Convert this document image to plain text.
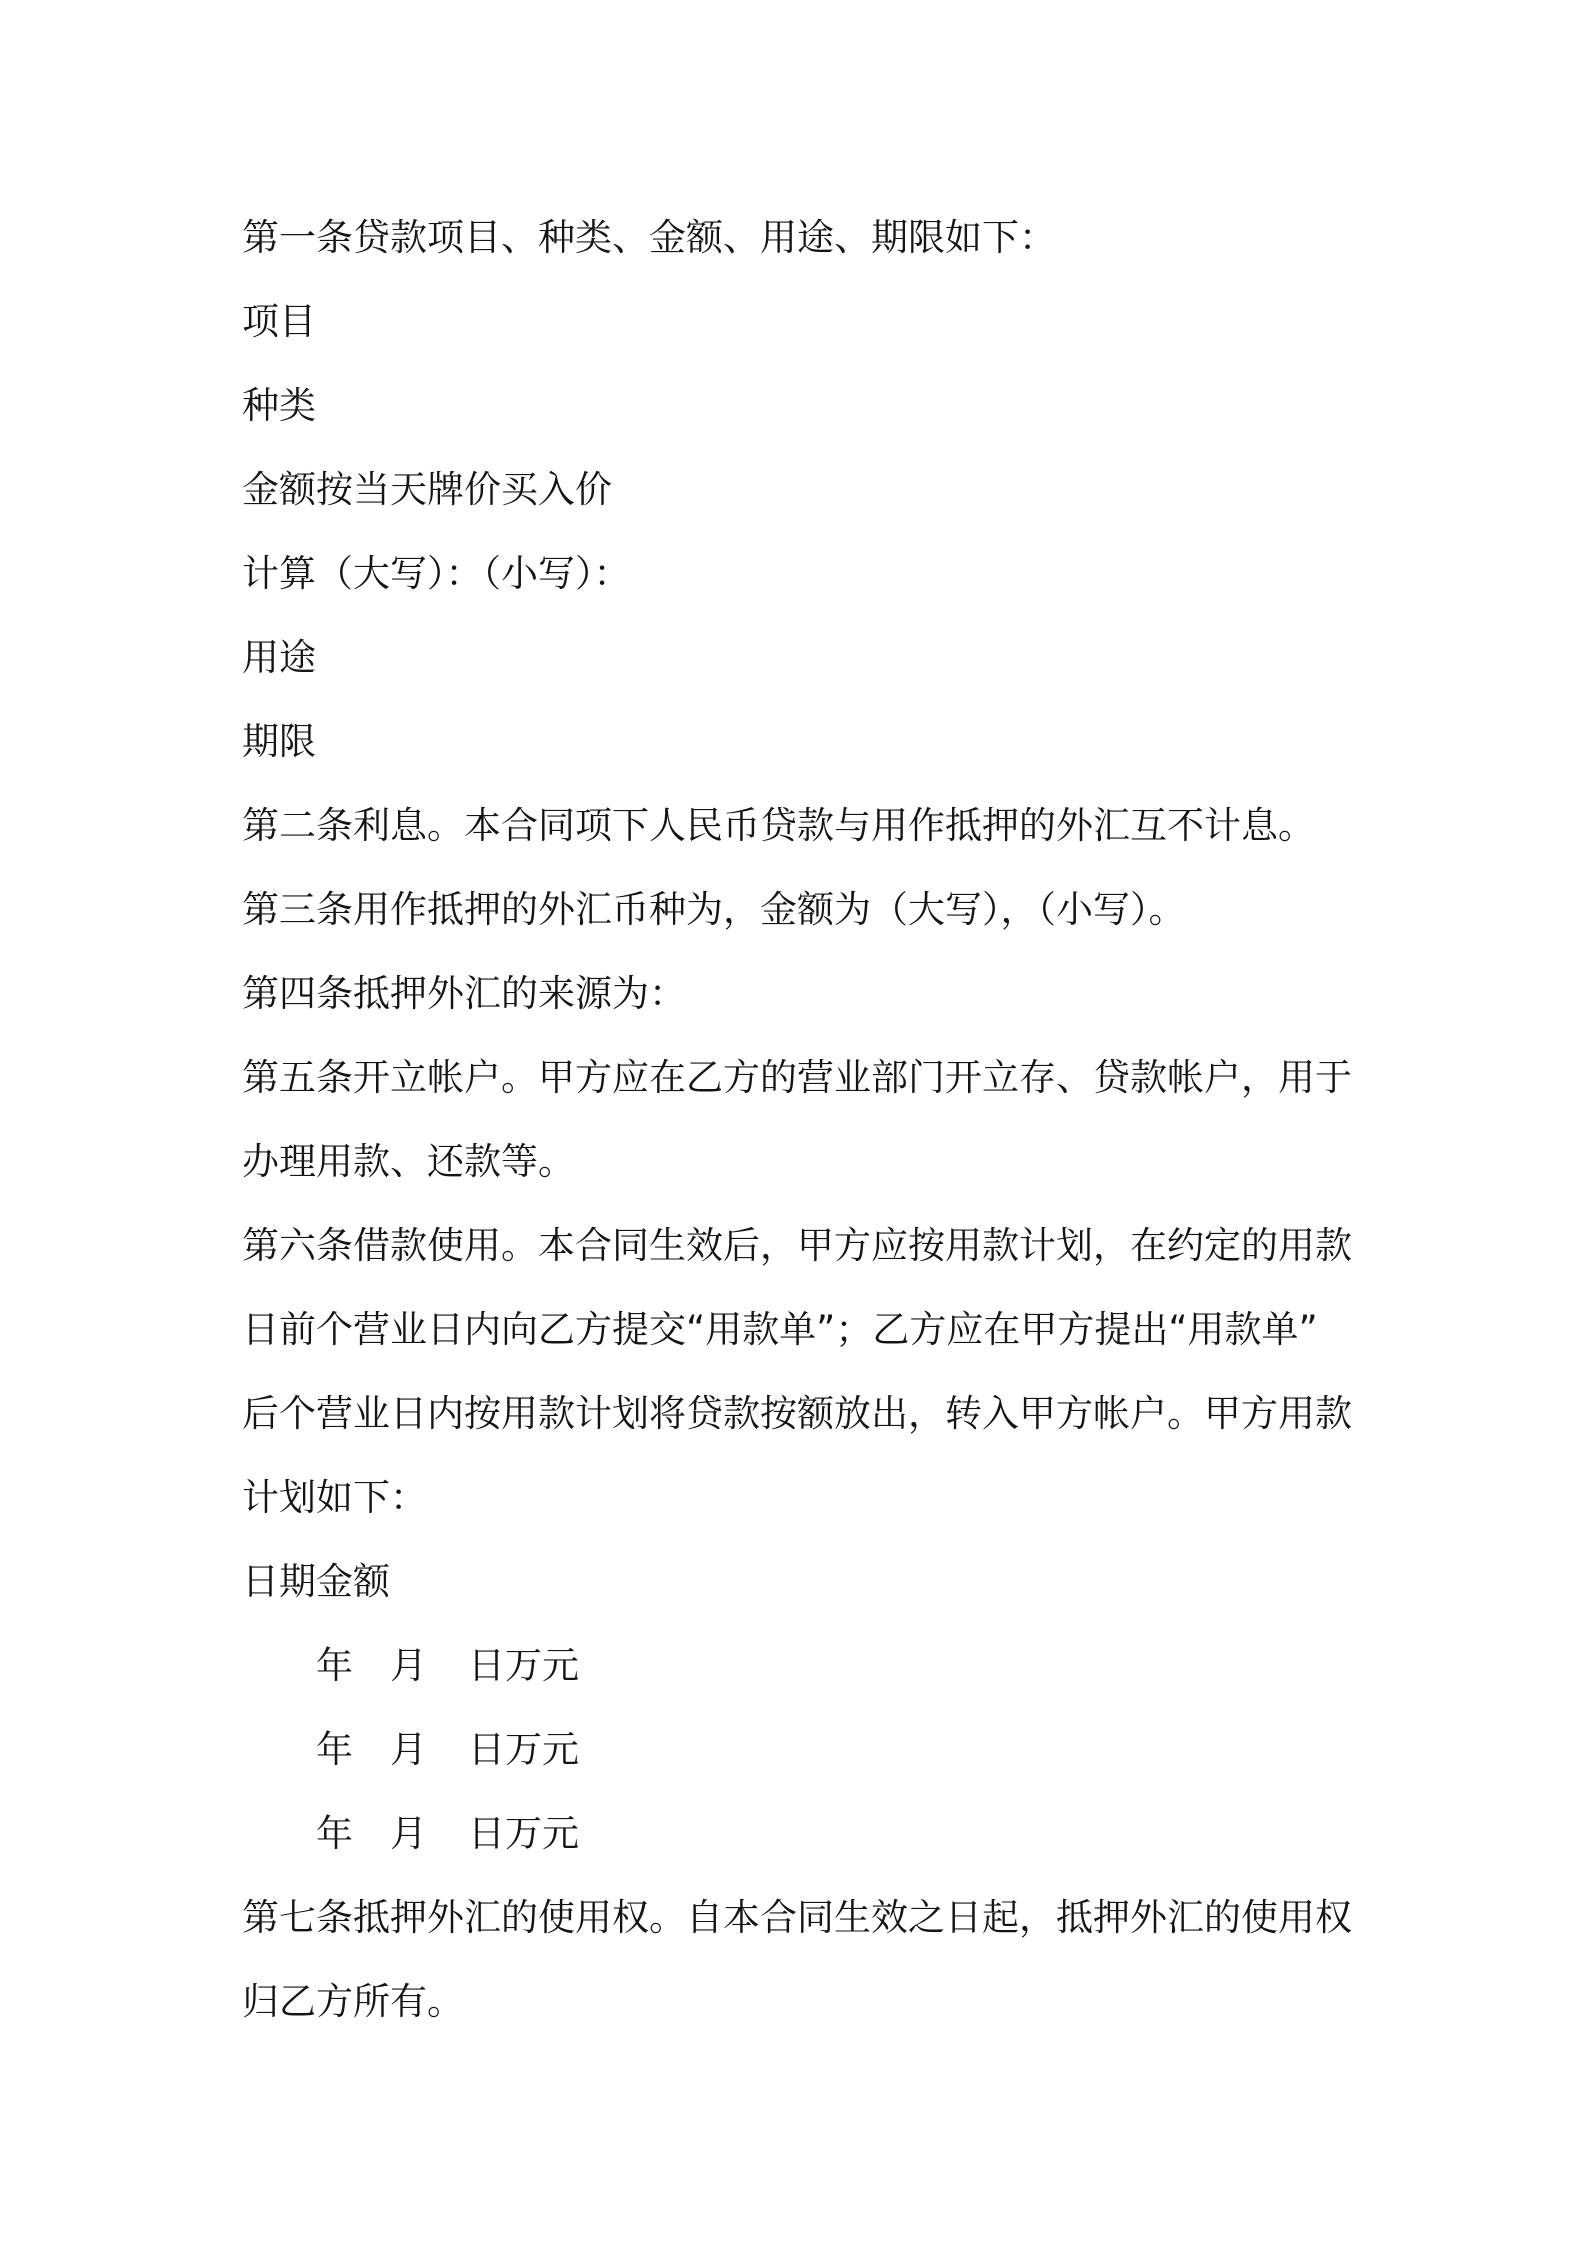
第一条贷款项目、种类、金额、用途、期限如下：
项目
种类
金额按当天牌价买入价
计算（大写）：（小写）：
用途
期限
第二条利息。本合同项下人民币贷款与用作抵押的外汇互不计息。
第三条用作抵押的外汇币种为，金额为（大写），（小写）。
第四条抵押外汇的来源为：
第五条开立帐户。甲方应在乙方的营业部门开立存、贷款帐户，用于
办理用款、还款等。
第六条借款使用。本合同生效后，甲方应按用款计划，在约定的用款
日前个营业日内向乙方提交“用款单”；乙方应在甲方提出“用款单”
后个营业日内按用款计划将贷款按额放出，转入甲方帐户。甲方用款
计划如下：
日期金额
年 月 日万元
年 月 日万元
年 月 日万元
第七条抵押外汇的使用权。自本合同生效之日起，抵押外汇的使用权
归乙方所有。
